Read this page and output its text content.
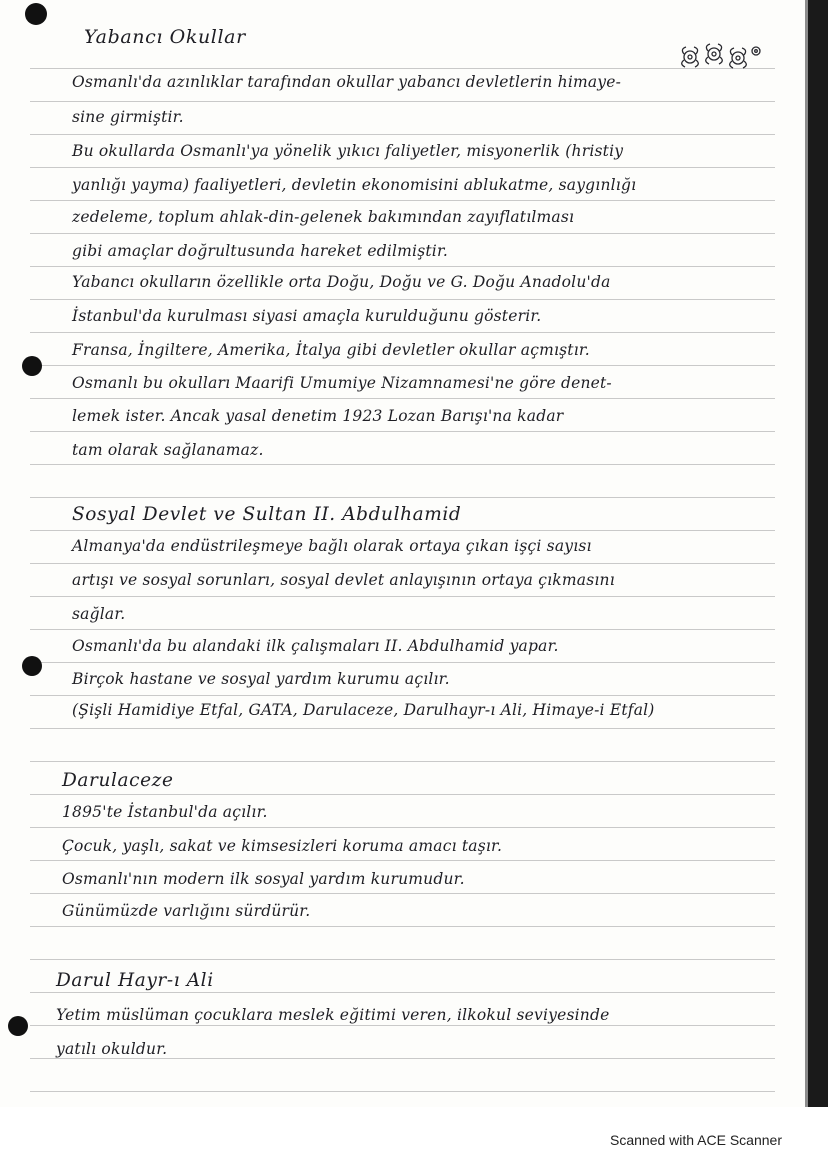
Yabancı Okullar

Osmanlı'da azınlıklar tarafından okullar yabancı devletlerin himaye-

sine girmiştir.

Bu okullarda Osmanlı'ya yönelik yıkıcı faliyetler, misyonerlik (hristiy

yanlığı yayma) faaliyetleri, devletin ekonomisini ablukatme, saygınlığı

zedeleme, toplum ahlak-din-gelenek bakımından zayıflatılması

gibi amaçlar doğrultusunda hareket edilmiştir.

Yabancı okulların özellikle orta Doğu, Doğu ve G. Doğu Anadolu'da

İstanbul'da kurulması siyasi amaçla kurulduğunu gösterir.

Fransa, İngiltere, Amerika, İtalya gibi devletler okullar açmıştır.

Osmanlı bu okulları Maarifi Umumiye Nizamnamesi'ne göre denet-

lemek ister. Ancak yasal denetim 1923 Lozan Barışı'na kadar

tam olarak sağlanamaz.

Sosyal Devlet ve Sultan II. Abdulhamid

Almanya'da endüstrileşmeye bağlı olarak ortaya çıkan işçi sayısı

artışı ve sosyal sorunları, sosyal devlet anlayışının ortaya çıkmasını

sağlar.

Osmanlı'da bu alandaki ilk çalışmaları II. Abdulhamid yapar.

Birçok hastane ve sosyal yardım kurumu açılır.

(Şişli Hamidiye Etfal, GATA, Darulaceze, Darulhayr-ı Ali, Himaye-i Etfal)

Darulaceze

1895'te İstanbul'da açılır.

Çocuk, yaşlı, sakat ve kimsesizleri koruma amacı taşır.

Osmanlı'nın modern ilk sosyal yardım kurumudur.

Günümüzde varlığını sürdürür.

Darul Hayr-ı Ali

Yetim müslüman çocuklara meslek eğitimi veren, ilkokul seviyesinde

yatılı okuldur.

Scanned with ACE Scanner
